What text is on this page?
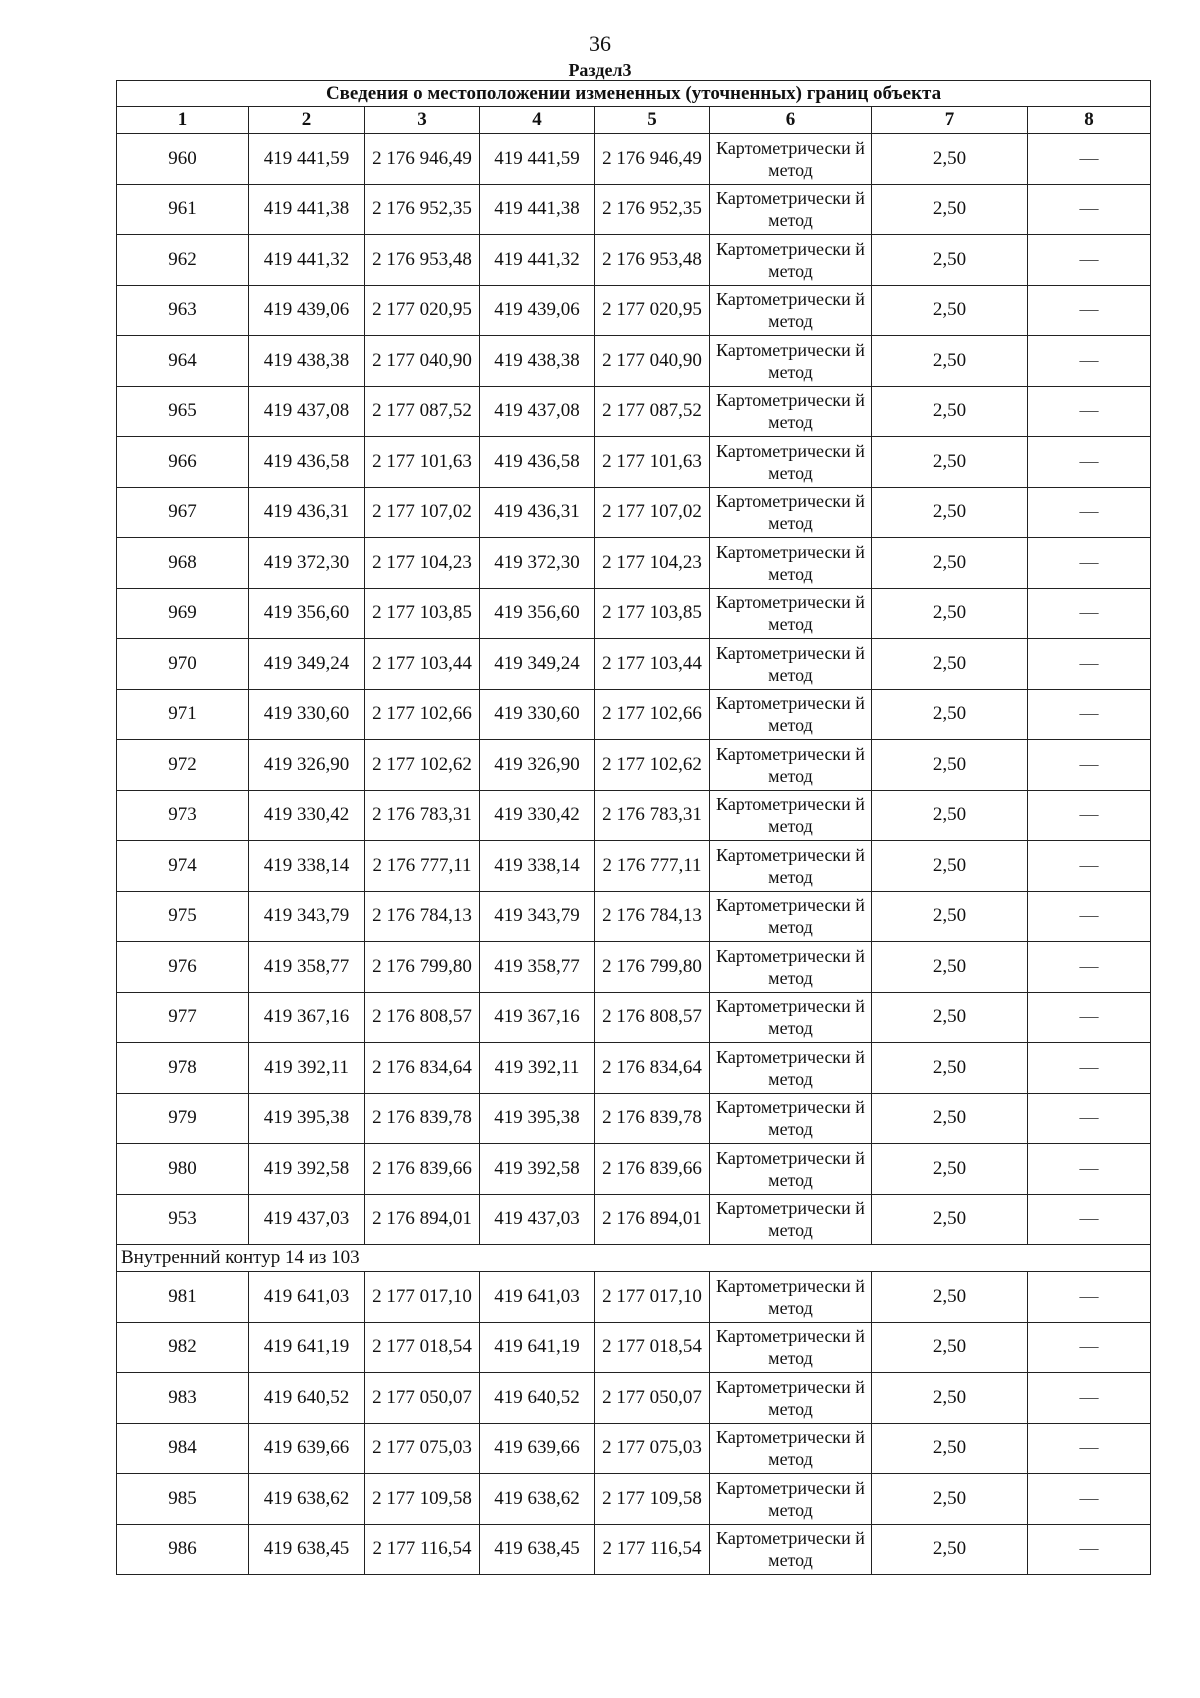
36
Раздел3
Сведения о местоположении измененных (уточненных) границ объекта							
1	2	3	4	5	6	7	8
960	419 441,59	2 176 946,49	419 441,59	2 176 946,49	Картометрически й метод	2,50	—
961	419 441,38	2 176 952,35	419 441,38	2 176 952,35	Картометрически й метод	2,50	—
962	419 441,32	2 176 953,48	419 441,32	2 176 953,48	Картометрически й метод	2,50	—
963	419 439,06	2 177 020,95	419 439,06	2 177 020,95	Картометрически й метод	2,50	—
964	419 438,38	2 177 040,90	419 438,38	2 177 040,90	Картометрически й метод	2,50	—
965	419 437,08	2 177 087,52	419 437,08	2 177 087,52	Картометрически й метод	2,50	—
966	419 436,58	2 177 101,63	419 436,58	2 177 101,63	Картометрически й метод	2,50	—
967	419 436,31	2 177 107,02	419 436,31	2 177 107,02	Картометрически й метод	2,50	—
968	419 372,30	2 177 104,23	419 372,30	2 177 104,23	Картометрически й метод	2,50	—
969	419 356,60	2 177 103,85	419 356,60	2 177 103,85	Картометрически й метод	2,50	—
970	419 349,24	2 177 103,44	419 349,24	2 177 103,44	Картометрически й метод	2,50	—
971	419 330,60	2 177 102,66	419 330,60	2 177 102,66	Картометрически й метод	2,50	—
972	419 326,90	2 177 102,62	419 326,90	2 177 102,62	Картометрически й метод	2,50	—
973	419 330,42	2 176 783,31	419 330,42	2 176 783,31	Картометрически й метод	2,50	—
974	419 338,14	2 176 777,11	419 338,14	2 176 777,11	Картометрически й метод	2,50	—
975	419 343,79	2 176 784,13	419 343,79	2 176 784,13	Картометрически й метод	2,50	—
976	419 358,77	2 176 799,80	419 358,77	2 176 799,80	Картометрически й метод	2,50	—
977	419 367,16	2 176 808,57	419 367,16	2 176 808,57	Картометрически й метод	2,50	—
978	419 392,11	2 176 834,64	419 392,11	2 176 834,64	Картометрически й метод	2,50	—
979	419 395,38	2 176 839,78	419 395,38	2 176 839,78	Картометрически й метод	2,50	—
980	419 392,58	2 176 839,66	419 392,58	2 176 839,66	Картометрически й метод	2,50	—
953	419 437,03	2 176 894,01	419 437,03	2 176 894,01	Картометрически й метод	2,50	—
Внутренний контур 14 из 103							
981	419 641,03	2 177 017,10	419 641,03	2 177 017,10	Картометрически й метод	2,50	—
982	419 641,19	2 177 018,54	419 641,19	2 177 018,54	Картометрически й метод	2,50	—
983	419 640,52	2 177 050,07	419 640,52	2 177 050,07	Картометрически й метод	2,50	—
984	419 639,66	2 177 075,03	419 639,66	2 177 075,03	Картометрически й метод	2,50	—
985	419 638,62	2 177 109,58	419 638,62	2 177 109,58	Картометрически й метод	2,50	—
986	419 638,45	2 177 116,54	419 638,45	2 177 116,54	Картометрически й метод	2,50	—
